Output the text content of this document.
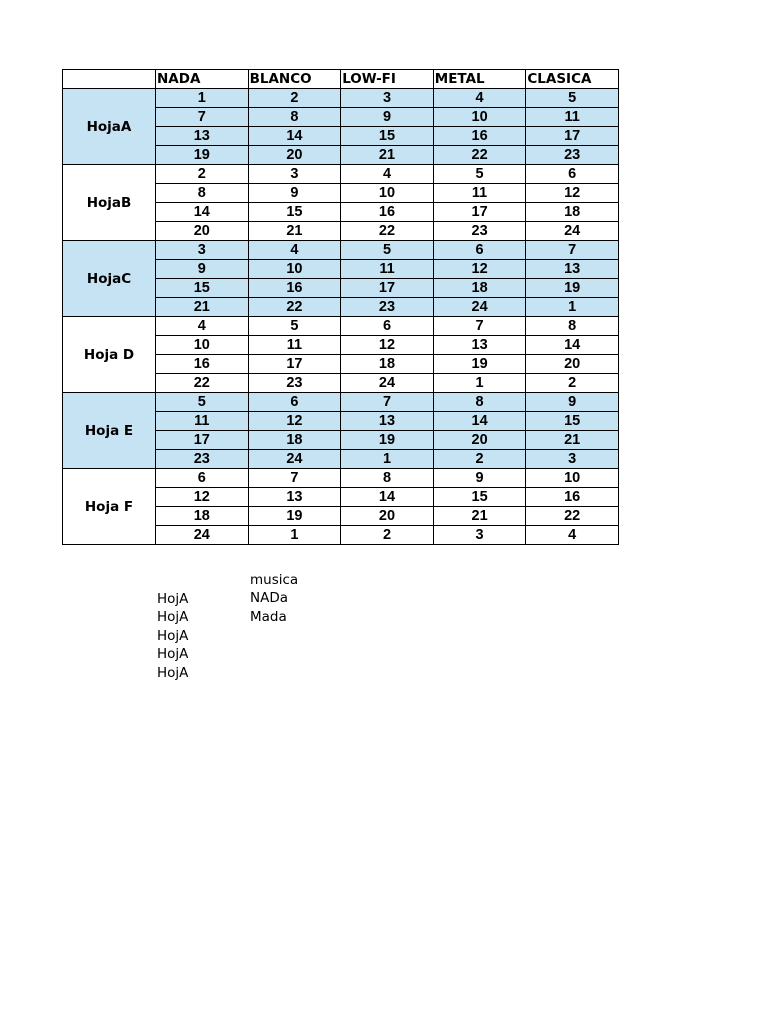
	NADA	BLANCO	LOW-FI	METAL	CLASICA
HojaA	1	2	3	4	5
	7	8	9	10	11
	13	14	15	16	17
	19	20	21	22	23
HojaB	2	3	4	5	6
	8	9	10	11	12
	14	15	16	17	18
	20	21	22	23	24
HojaC	3	4	5	6	7
	9	10	11	12	13
	15	16	17	18	19
	21	22	23	24	1
Hoja D	4	5	6	7	8
	10	11	12	13	14
	16	17	18	19	20
	22	23	24	1	2
Hoja E	5	6	7	8	9
	11	12	13	14	15
	17	18	19	20	21
	23	24	1	2	3
Hoja F	6	7	8	9	10
	12	13	14	15	16
	18	19	20	21	22
	24	1	2	3	4
HojA
HojA
HojA
HojA
HojA
musica
NADa
Mada
